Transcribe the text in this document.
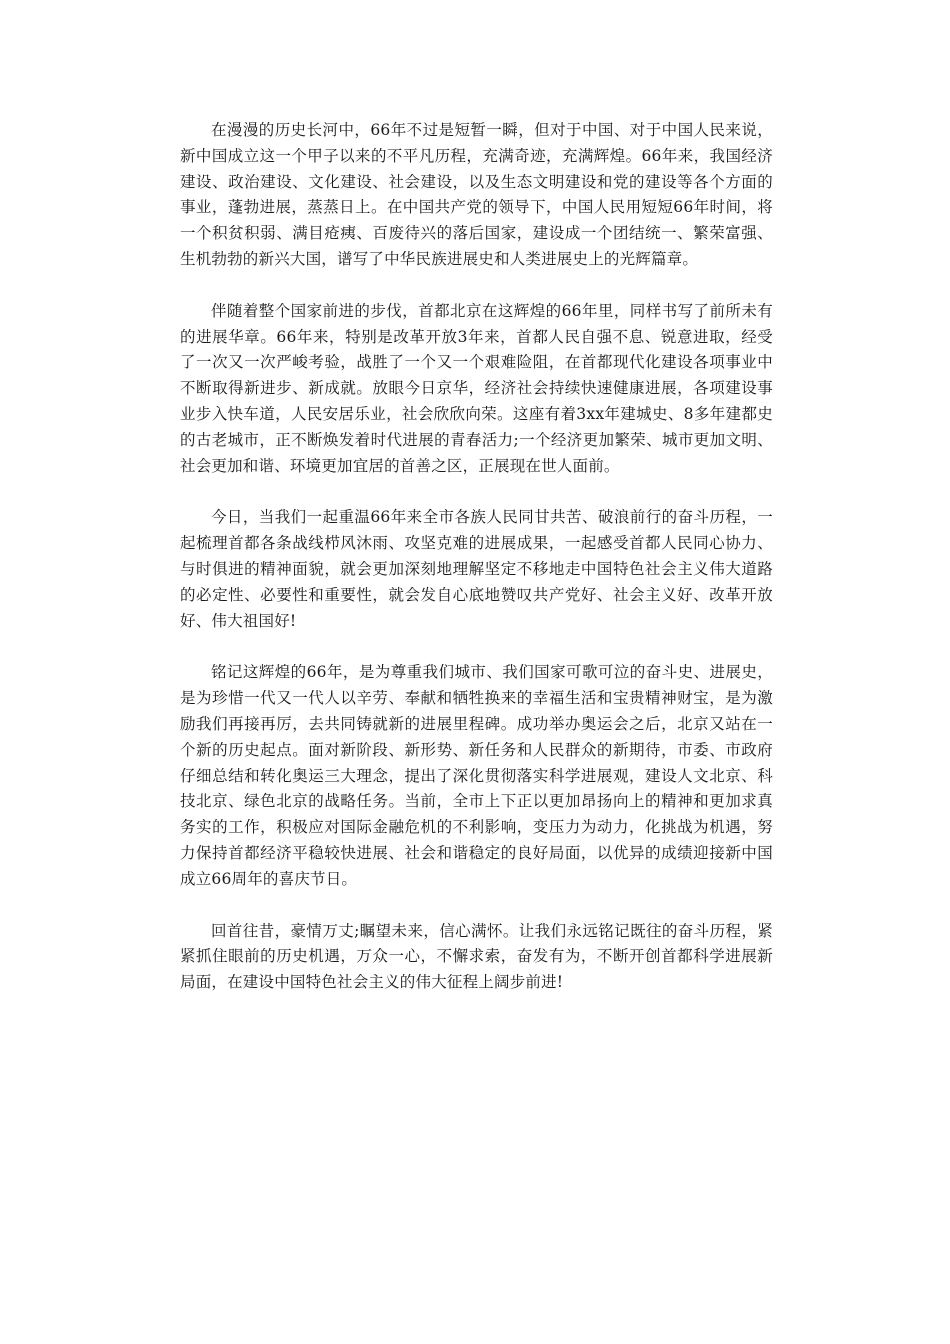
在漫漫的历史长河中，66年不过是短暂一瞬，但对于中国、对于中国人民来说，新中国成立这一个甲子以来的不平凡历程，充满奇迹，充满辉煌。66年来，我国经济建设、政治建设、文化建设、社会建设，以及生态文明建设和党的建设等各个方面的事业，蓬勃进展，蒸蒸日上。在中国共产党的领导下，中国人民用短短66年时间，将一个积贫积弱、满目疮痍、百废待兴的落后国家，建设成一个团结统一、繁荣富强、生机勃勃的新兴大国，谱写了中华民族进展史和人类进展史上的光辉篇章。

伴随着整个国家前进的步伐，首都北京在这辉煌的66年里，同样书写了前所未有的进展华章。66年来，特别是改革开放3年来，首都人民自强不息、锐意进取，经受了一次又一次严峻考验，战胜了一个又一个艰难险阻，在首都现代化建设各项事业中不断取得新进步、新成就。放眼今日京华，经济社会持续快速健康进展，各项建设事业步入快车道，人民安居乐业，社会欣欣向荣。这座有着3xx年建城史、8多年建都史的古老城市，正不断焕发着时代进展的青春活力;一个经济更加繁荣、城市更加文明、社会更加和谐、环境更加宜居的首善之区，正展现在世人面前。

今日，当我们一起重温66年来全市各族人民同甘共苦、破浪前行的奋斗历程，一起梳理首都各条战线栉风沐雨、攻坚克难的进展成果，一起感受首都人民同心协力、与时俱进的精神面貌，就会更加深刻地理解坚定不移地走中国特色社会主义伟大道路的必定性、必要性和重要性，就会发自心底地赞叹共产党好、社会主义好、改革开放好、伟大祖国好!

铭记这辉煌的66年，是为尊重我们城市、我们国家可歌可泣的奋斗史、进展史，是为珍惜一代又一代人以辛劳、奉献和牺牲换来的幸福生活和宝贵精神财宝，是为激励我们再接再厉，去共同铸就新的进展里程碑。成功举办奥运会之后，北京又站在一个新的历史起点。面对新阶段、新形势、新任务和人民群众的新期待，市委、市政府仔细总结和转化奥运三大理念，提出了深化贯彻落实科学进展观，建设人文北京、科技北京、绿色北京的战略任务。当前，全市上下正以更加昂扬向上的精神和更加求真务实的工作，积极应对国际金融危机的不利影响，变压力为动力，化挑战为机遇，努力保持首都经济平稳较快进展、社会和谐稳定的良好局面，以优异的成绩迎接新中国成立66周年的喜庆节日。

回首往昔，豪情万丈;瞩望未来，信心满怀。让我们永远铭记既往的奋斗历程，紧紧抓住眼前的历史机遇，万众一心，不懈求索，奋发有为，不断开创首都科学进展新局面，在建设中国特色社会主义的伟大征程上阔步前进!
